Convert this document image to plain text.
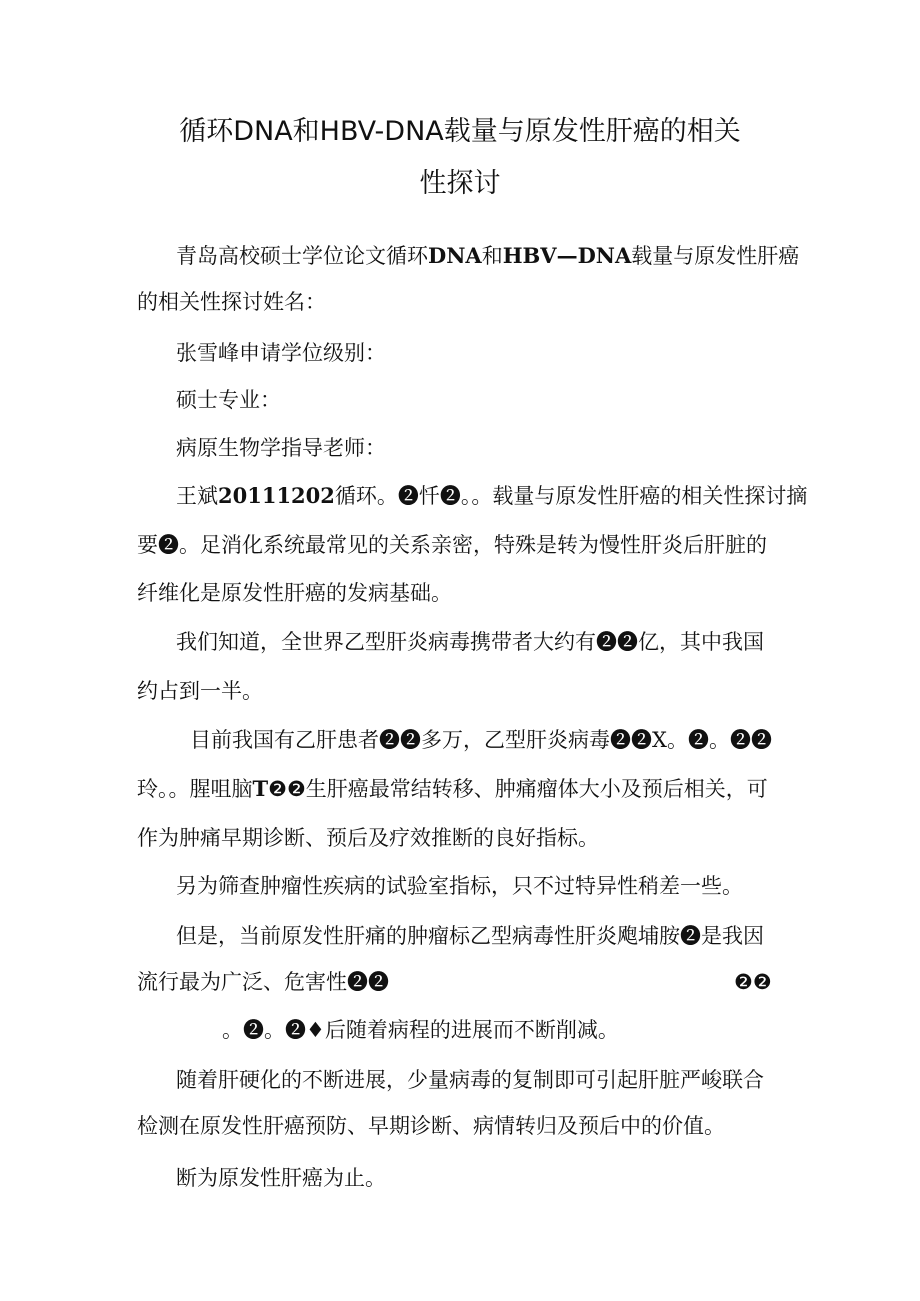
循环DNA和HBV-DNA载量与原发性肝癌的相关
性探讨
青岛高校硕士学位论文循环DNA和HBV—DNA载量与原发性肝癌
的相关性探讨姓名：
张雪峰申请学位级别：
硕士专业：
病原生物学指导老师：
王斌20111202循环。❷忏❷。。载量与原发性肝癌的相关性探讨摘
要❷。足消化系统最常见的关系亲密，特殊是转为慢性肝炎后肝脏的
纤维化是原发性肝癌的发病基础。
我们知道，全世界乙型肝炎病毒携带者大约有❷❷亿，其中我国
约占到一半。
目前我国有乙肝患者❷❷多万，乙型肝炎病毒❷❷X。❷。❷❷
玲。。腥咀脑T❷❷生肝癌最常结转移、肿痛瘤体大小及预后相关，可
作为肿痛早期诊断、预后及疗效推断的良好指标。
另为筛查肿瘤性疾病的试验室指标，只不过特异性稍差一些。
但是，当前原发性肝痛的肿瘤标乙型病毒性肝炎飑埔胺❷是我因
流行最为广泛、危害性❷❷	❷❷
。❷。❷♦后随着病程的进展而不断削减。
随着肝硬化的不断进展，少量病毒的复制即可引起肝脏严峻联合
检测在原发性肝癌预防、早期诊断、病情转归及预后中的价值。
断为原发性肝癌为止。
